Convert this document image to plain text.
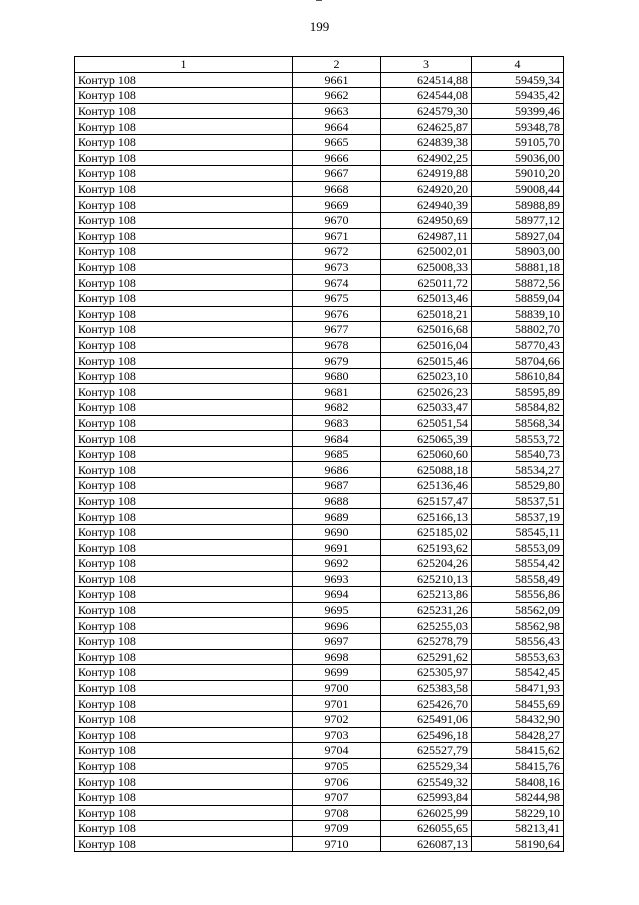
199
1	2	3	4
Контур 108	9661	624514,88	59459,34
Контур 108	9662	624544,08	59435,42
Контур 108	9663	624579,30	59399,46
Контур 108	9664	624625,87	59348,78
Контур 108	9665	624839,38	59105,70
Контур 108	9666	624902,25	59036,00
Контур 108	9667	624919,88	59010,20
Контур 108	9668	624920,20	59008,44
Контур 108	9669	624940,39	58988,89
Контур 108	9670	624950,69	58977,12
Контур 108	9671	624987,11	58927,04
Контур 108	9672	625002,01	58903,00
Контур 108	9673	625008,33	58881,18
Контур 108	9674	625011,72	58872,56
Контур 108	9675	625013,46	58859,04
Контур 108	9676	625018,21	58839,10
Контур 108	9677	625016,68	58802,70
Контур 108	9678	625016,04	58770,43
Контур 108	9679	625015,46	58704,66
Контур 108	9680	625023,10	58610,84
Контур 108	9681	625026,23	58595,89
Контур 108	9682	625033,47	58584,82
Контур 108	9683	625051,54	58568,34
Контур 108	9684	625065,39	58553,72
Контур 108	9685	625060,60	58540,73
Контур 108	9686	625088,18	58534,27
Контур 108	9687	625136,46	58529,80
Контур 108	9688	625157,47	58537,51
Контур 108	9689	625166,13	58537,19
Контур 108	9690	625185,02	58545,11
Контур 108	9691	625193,62	58553,09
Контур 108	9692	625204,26	58554,42
Контур 108	9693	625210,13	58558,49
Контур 108	9694	625213,86	58556,86
Контур 108	9695	625231,26	58562,09
Контур 108	9696	625255,03	58562,98
Контур 108	9697	625278,79	58556,43
Контур 108	9698	625291,62	58553,63
Контур 108	9699	625305,97	58542,45
Контур 108	9700	625383,58	58471,93
Контур 108	9701	625426,70	58455,69
Контур 108	9702	625491,06	58432,90
Контур 108	9703	625496,18	58428,27
Контур 108	9704	625527,79	58415,62
Контур 108	9705	625529,34	58415,76
Контур 108	9706	625549,32	58408,16
Контур 108	9707	625993,84	58244,98
Контур 108	9708	626025,99	58229,10
Контур 108	9709	626055,65	58213,41
Контур 108	9710	626087,13	58190,64
